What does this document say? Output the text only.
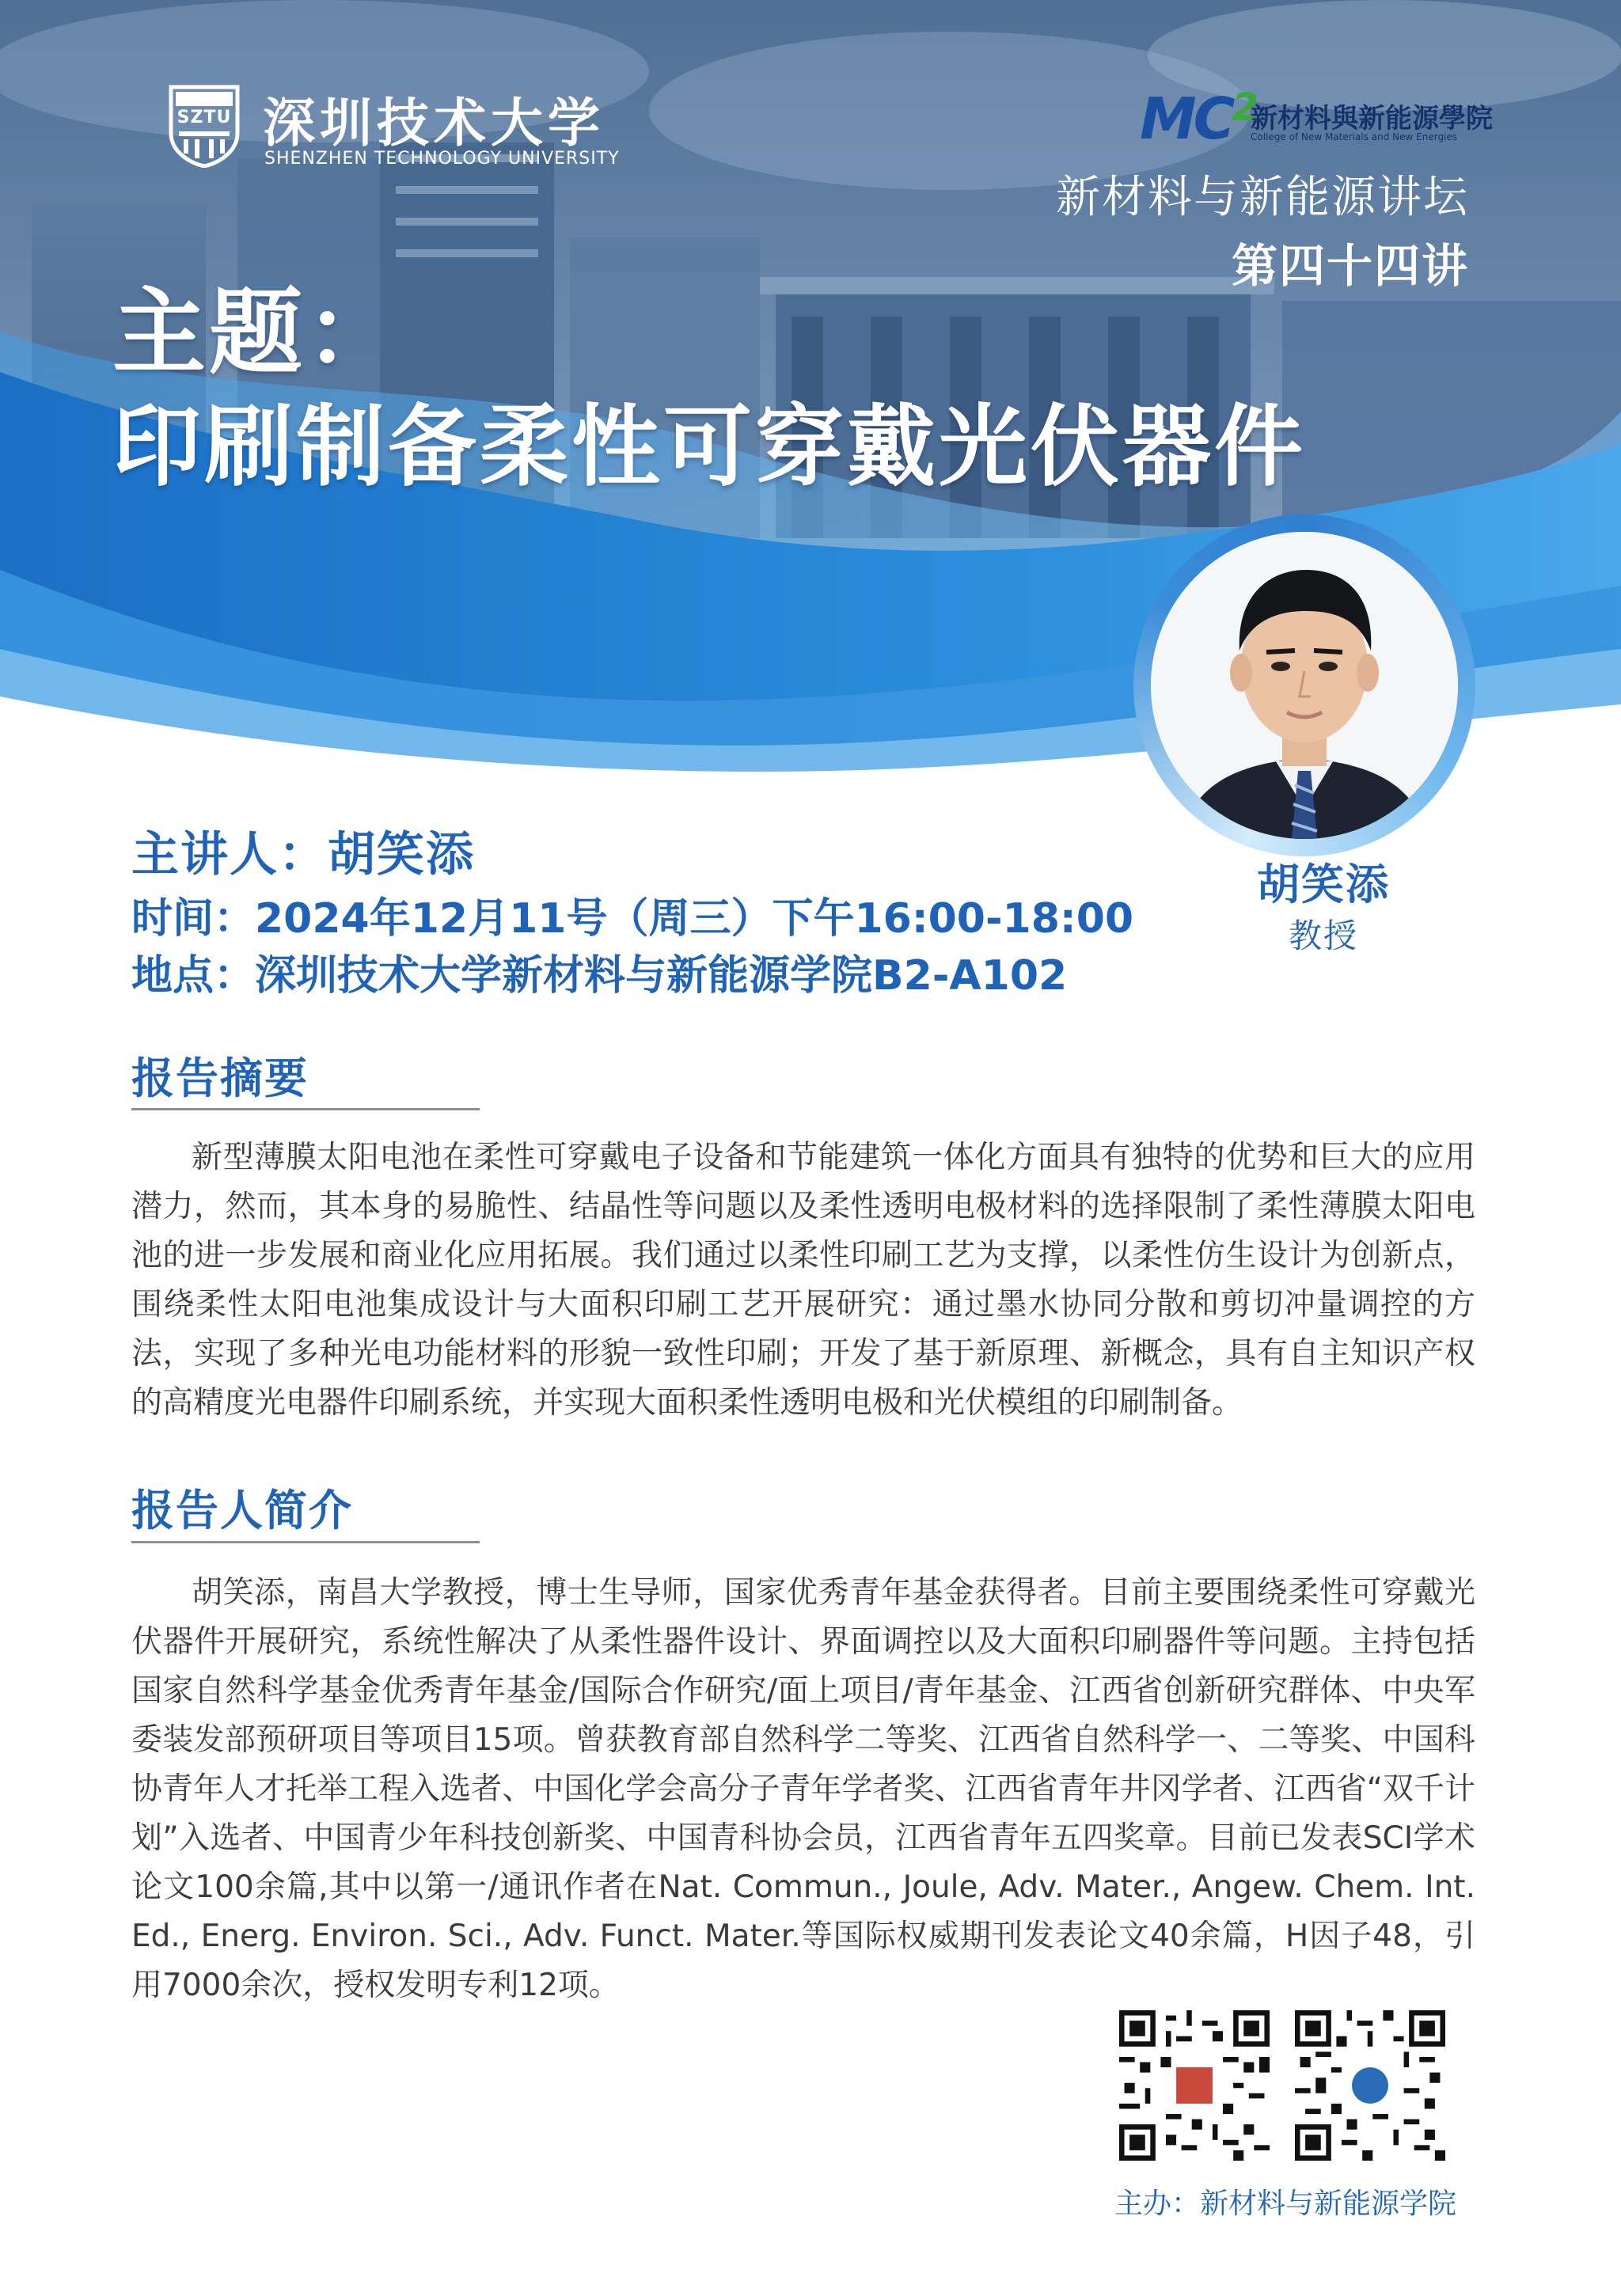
SZTU 深圳技术大学
SHENZHEN TECHNOLOGY UNIVERSITY
$MC^2$
新材料與新能源學院
College of New Materials and New Energies
新材料与新能源讲坛
第四十四讲
主题：
印刷制备柔性可穿戴光伏器件
胡笑添
教授
主讲人：胡笑添
时间：2024年12月11号（周三）下午16:00-18:00
地点：深圳技术大学新材料与新能源学院B2-A102
报告摘要
新型薄膜太阳电池在柔性可穿戴电子设备和节能建筑一体化方面具有独特的优势和巨大的应用潜力，然而，其本身的易脆性、结晶性等问题以及柔性透明电极材料的选择限制了柔性薄膜太阳电池的进一步发展和商业化应用拓展。我们通过以柔性印刷工艺为支撑，以柔性仿生设计为创新点，围绕柔性太阳电池集成设计与大面积印刷工艺开展研究：通过墨水协同分散和剪切冲量调控的方法，实现了多种光电功能材料的形貌一致性印刷；开发了基于新原理、新概念，具有自主知识产权的高精度光电器件印刷系统，并实现大面积柔性透明电极和光伏模组的印刷制备。
报告人简介
胡笑添，南昌大学教授，博士生导师，国家优秀青年基金获得者。目前主要围绕柔性可穿戴光伏器件开展研究，系统性解决了从柔性器件设计、界面调控以及大面积印刷器件等问题。主持包括国家自然科学基金优秀青年基金/国际合作研究/面上项目/青年基金、江西省创新研究群体、中央军委装发部预研项目等项目15项。曾获教育部自然科学二等奖、江西省自然科学一、二等奖、中国科协青年人才托举工程入选者、中国化学会高分子青年学者奖、江西省青年井冈学者、江西省“双千计划”入选者、中国青少年科技创新奖、中国青科协会员，江西省青年五四奖章。目前已发表SCI学术论文100余篇,其中以第一/通讯作者在Nat. Commun., Joule, Adv. Mater., Angew. Chem. Int. Ed., Energ. Environ. Sci., Adv. Funct. Mater.等国际权威期刊发表论文40余篇，H因子48，引用7000余次，授权发明专利12项。
主办：新材料与新能源学院
